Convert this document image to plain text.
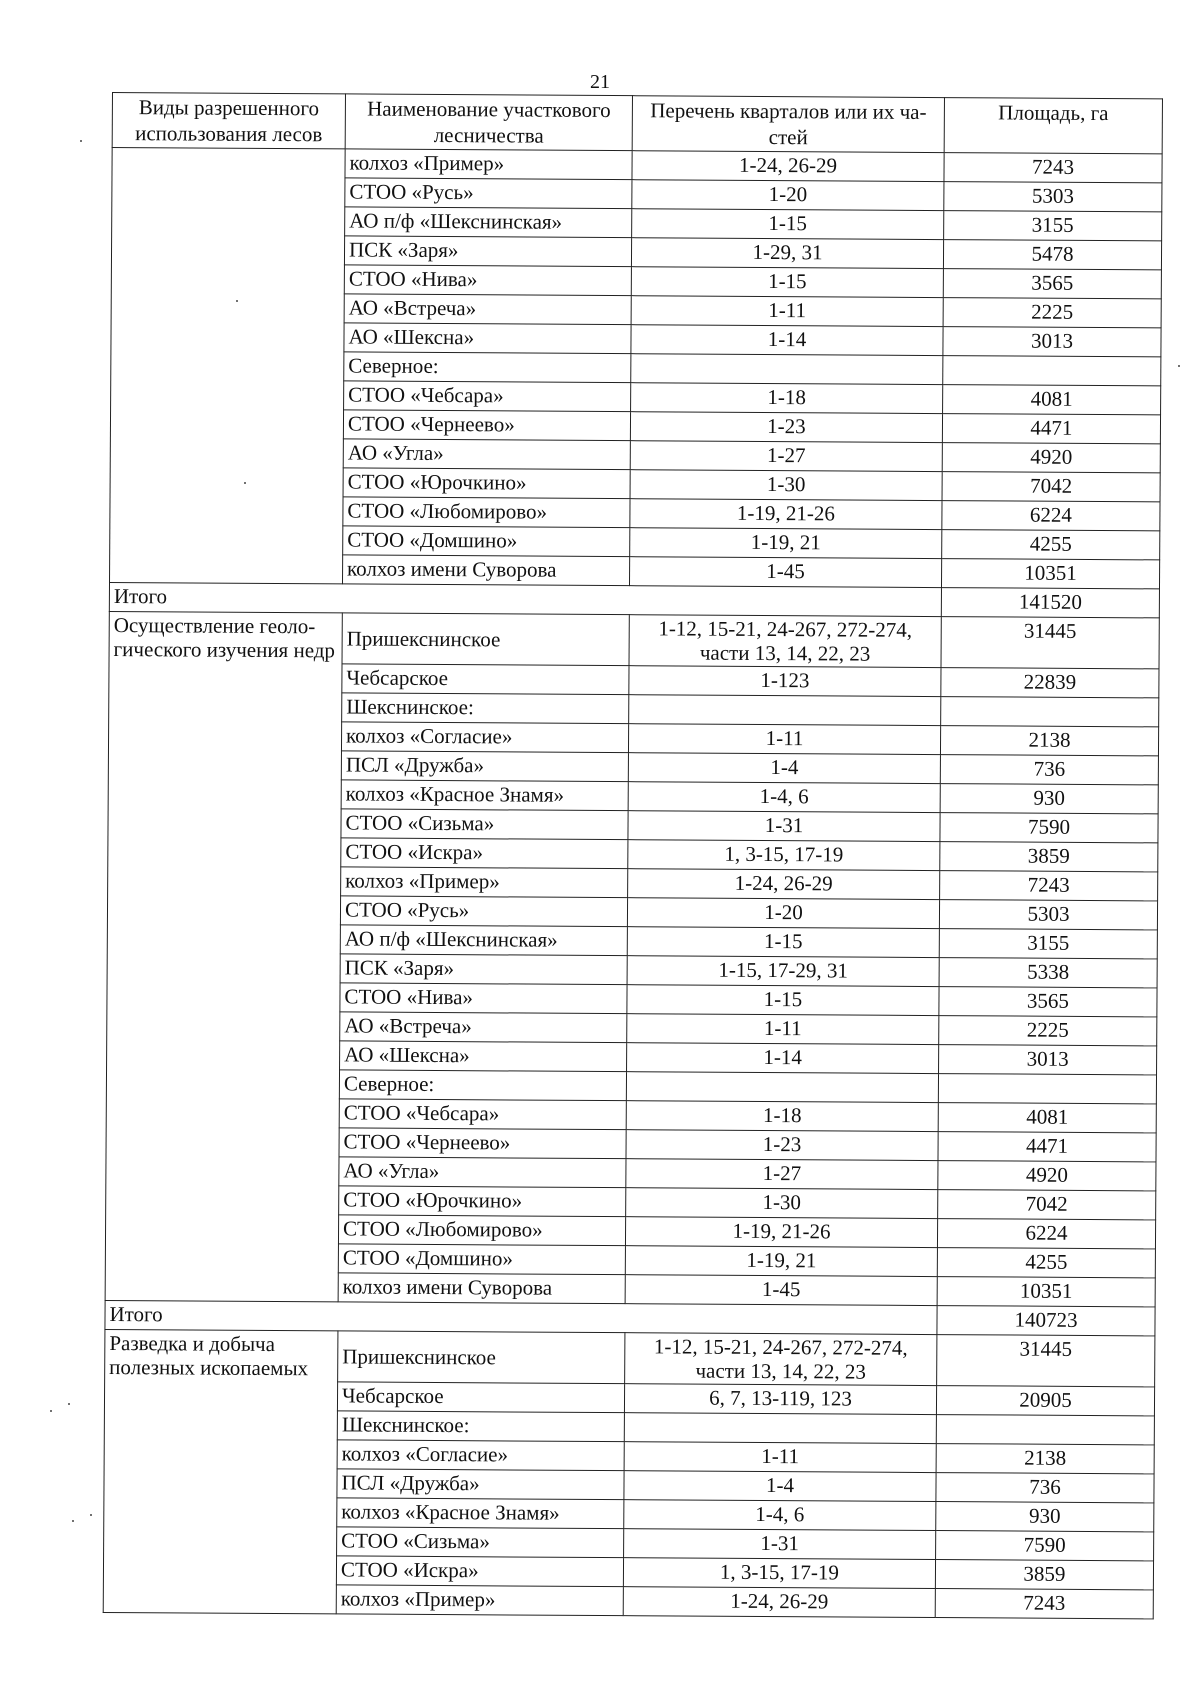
21
Виды разрешенного использования лесов	Наименование участкового лесничества	Перечень кварталов или их ча-стей	Площадь, га
	колхоз «Пример»	1-24, 26-29	7243
	СТОО «Русь»	1-20	5303
	АО п/ф «Шекснинская»	1-15	3155
	ПСК «Заря»	1-29, 31	5478
	СТОО «Нива»	1-15	3565
	АО «Встреча»	1-11	2225
	АО «Шексна»	1-14	3013
	Северное:		
	СТОО «Чебсара»	1-18	4081
	СТОО «Чернеево»	1-23	4471
	АО «Угла»	1-27	4920
	СТОО «Юрочкино»	1-30	7042
	СТОО «Любомирово»	1-19, 21-26	6224
	СТОО «Домшино»	1-19, 21	4255
	колхоз имени Суворова	1-45	10351
Итого			141520
Осуществление геоло-гического изучения недр	Пришекснинское	1-12, 15-21, 24-267, 272-274, части 13, 14, 22, 23	31445
	Чебсарское	1-123	22839
	Шекснинское:		
	колхоз «Согласие»	1-11	2138
	ПСЛ «Дружба»	1-4	736
	колхоз «Красное Знамя»	1-4, 6	930
	СТОО «Сизьма»	1-31	7590
	СТОО «Искра»	1, 3-15, 17-19	3859
	колхоз «Пример»	1-24, 26-29	7243
	СТОО «Русь»	1-20	5303
	АО п/ф «Шекснинская»	1-15	3155
	ПСК «Заря»	1-15, 17-29, 31	5338
	СТОО «Нива»	1-15	3565
	АО «Встреча»	1-11	2225
	АО «Шексна»	1-14	3013
	Северное:		
	СТОО «Чебсара»	1-18	4081
	СТОО «Чернеево»	1-23	4471
	АО «Угла»	1-27	4920
	СТОО «Юрочкино»	1-30	7042
	СТОО «Любомирово»	1-19, 21-26	6224
	СТОО «Домшино»	1-19, 21	4255
	колхоз имени Суворова	1-45	10351
Итого			140723
Разведка и добыча полезных ископаемых	Пришекснинское	1-12, 15-21, 24-267, 272-274, части 13, 14, 22, 23	31445
	Чебсарское	6, 7, 13-119, 123	20905
	Шекснинское:		
	колхоз «Согласие»	1-11	2138
	ПСЛ «Дружба»	1-4	736
	колхоз «Красное Знамя»	1-4, 6	930
	СТОО «Сизьма»	1-31	7590
	СТОО «Искра»	1, 3-15, 17-19	3859
	колхоз «Пример»	1-24, 26-29	7243
